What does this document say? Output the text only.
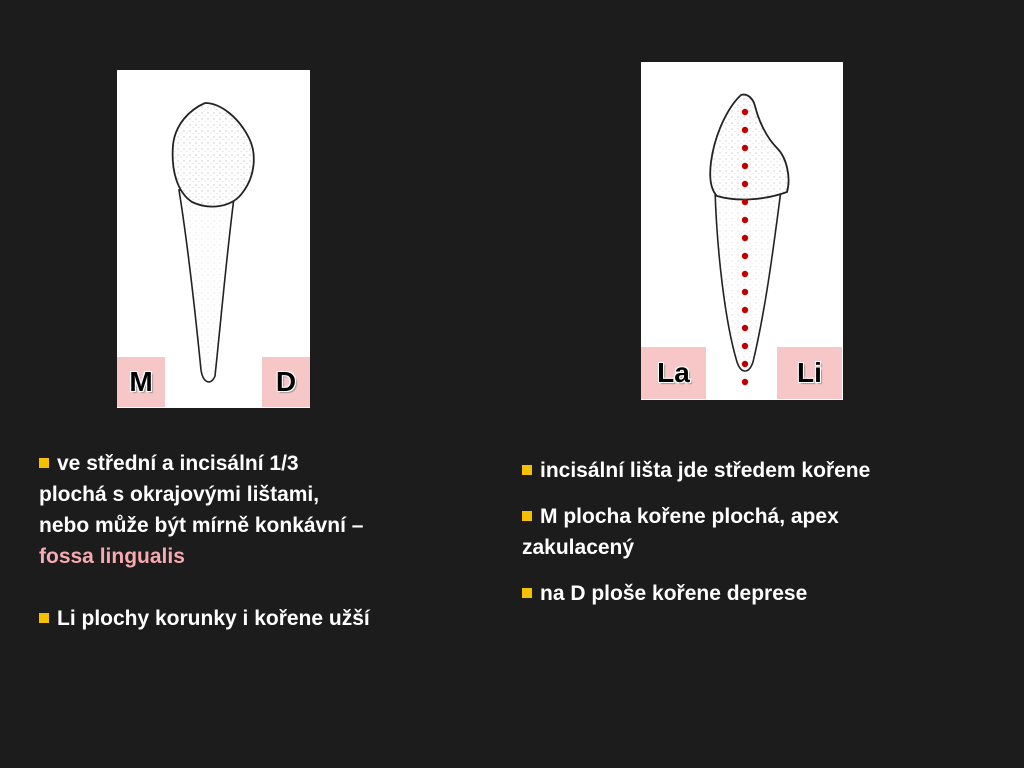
M	D	La	Li

ve střední a incisální 1/3
plochá s okrajovými lištami,
nebo může být mírně konkávní –
fossa lingualis

Li plochy korunky i kořene užší

incisální lišta jde středem kořene

M plocha kořene plochá, apex
zakulacený

na D ploše kořene deprese
